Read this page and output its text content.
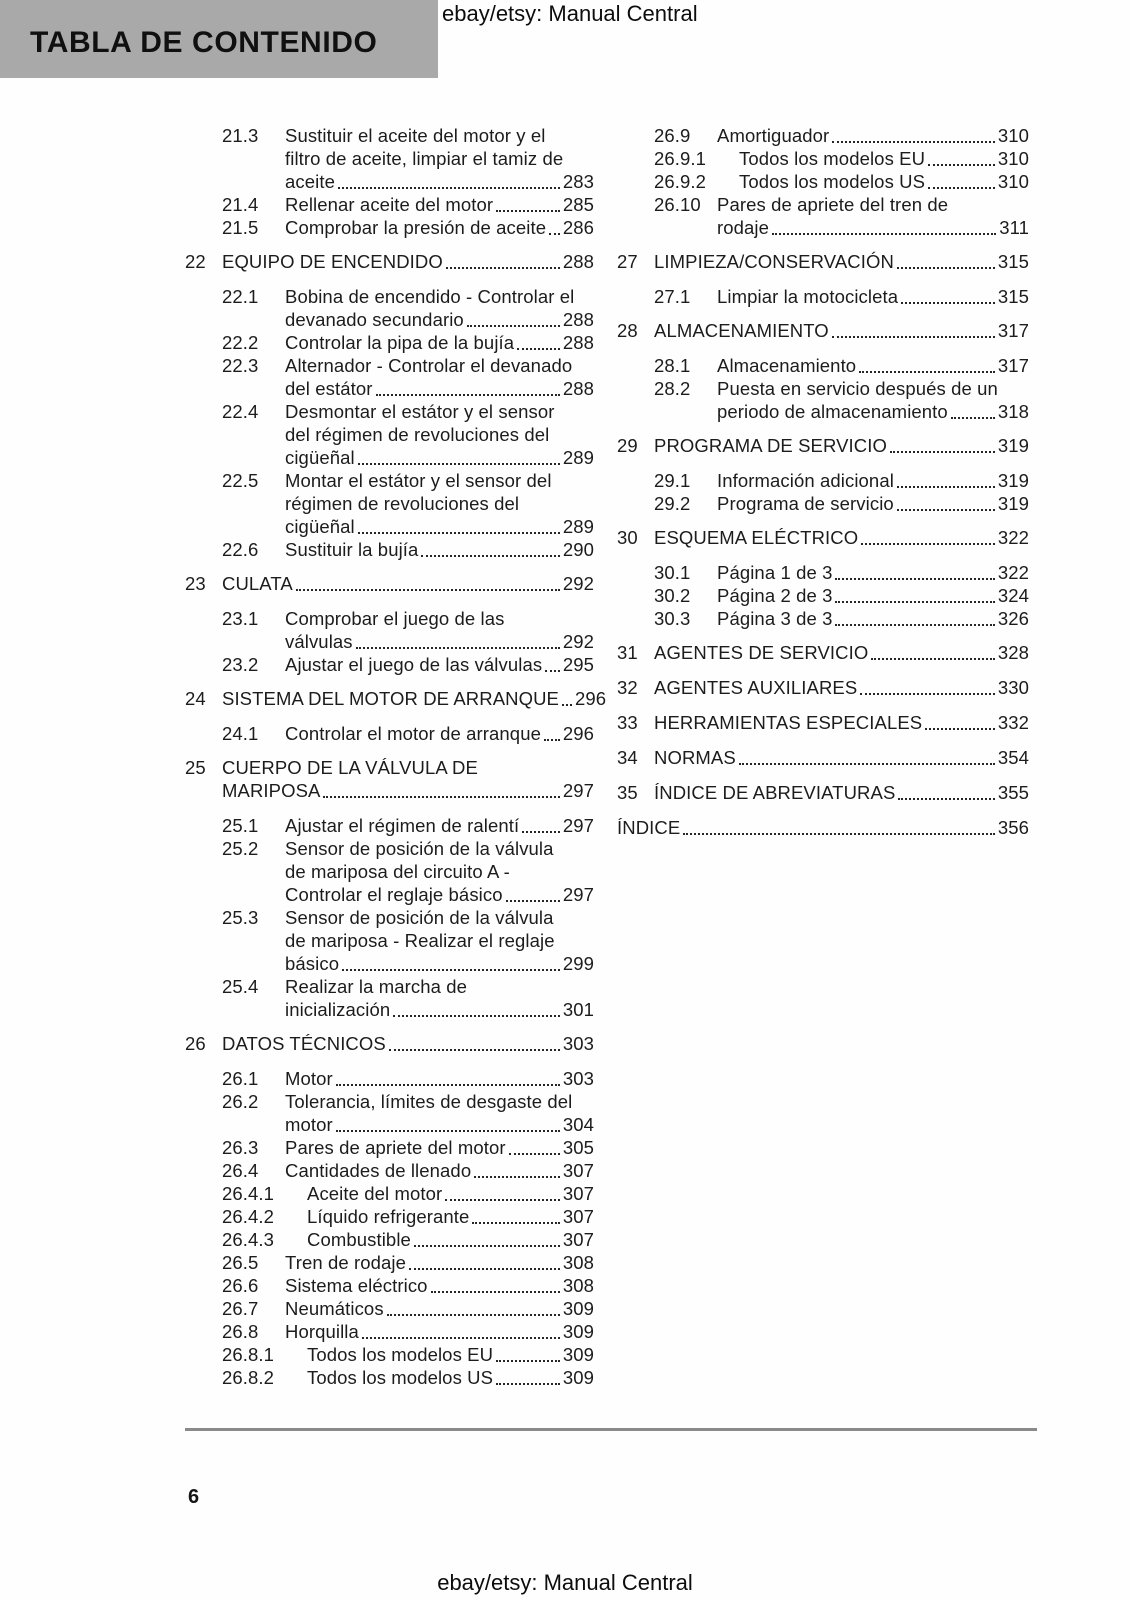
TABLA DE CONTENIDO
ebay/etsy: Manual Central
21.3 Sustituir el aceite del motor y el
filtro de aceite, limpiar el tamiz de
aceite	283
21.4 Rellenar aceite del motor	285
21.5 Comprobar la presión de aceite 286
22 EQUIPO DE ENCENDIDO	288
22.1 Bobina de encendido - Controlar el
devanado secundario	288
22.2 Controlar la pipa de la bujía	288
22.3 Alternador - Controlar el devanado
del estátor	288
22.4 Desmontar el estátor y el sensor
del régimen de revoluciones del
cigüeñal	289
22.5 Montar el estátor y el sensor del
régimen de revoluciones del
cigüeñal	289
22.6 Sustituir la bujía	290
23 CULATA	292
23.1 Comprobar el juego de las
válvulas	292
23.2 Ajustar el juego de las válvulas 295
24 SISTEMA DEL MOTOR DE ARRANQUE 296
24.1 Controlar el motor de arranque 296
25 CUERPO DE LA VÁLVULA DE
MARIPOSA	297
25.1 Ajustar el régimen de ralentí 297
25.2 Sensor de posición de la válvula
de mariposa del circuito A -
Controlar el reglaje básico	297
25.3 Sensor de posición de la válvula
de mariposa - Realizar el reglaje
básico	299
25.4 Realizar la marcha de
inicialización	301
26 DATOS TÉCNICOS	303
26.1 Motor	303
26.2 Tolerancia, límites de desgaste del
motor	304
26.3 Pares de apriete del motor	305
26.4 Cantidades de llenado	307
26.4.1 Aceite del motor	307
26.4.2 Líquido refrigerante	307
26.4.3 Combustible	307
26.5 Tren de rodaje	308
26.6 Sistema eléctrico	308
26.7 Neumáticos	309
26.8 Horquilla	309
26.8.1 Todos los modelos EU	309
26.8.2 Todos los modelos US	309
26.9 Amortiguador	310
26.9.1 Todos los modelos EU	310
26.9.2 Todos los modelos US	310
26.10 Pares de apriete del tren de
rodaje	311
27 LIMPIEZA/CONSERVACIÓN	315
27.1 Limpiar la motocicleta	315
28 ALMACENAMIENTO	317
28.1 Almacenamiento	317
28.2 Puesta en servicio después de un
periodo de almacenamiento	318
29 PROGRAMA DE SERVICIO	319
29.1 Información adicional	319
29.2 Programa de servicio	319
30 ESQUEMA ELÉCTRICO	322
30.1 Página 1 de 3	322
30.2 Página 2 de 3	324
30.3 Página 3 de 3	326
31 AGENTES DE SERVICIO	328
32 AGENTES AUXILIARES	330
33 HERRAMIENTAS ESPECIALES	332
34 NORMAS	354
35 ÍNDICE DE ABREVIATURAS	355
ÍNDICE	356
6
ebay/etsy: Manual Central
